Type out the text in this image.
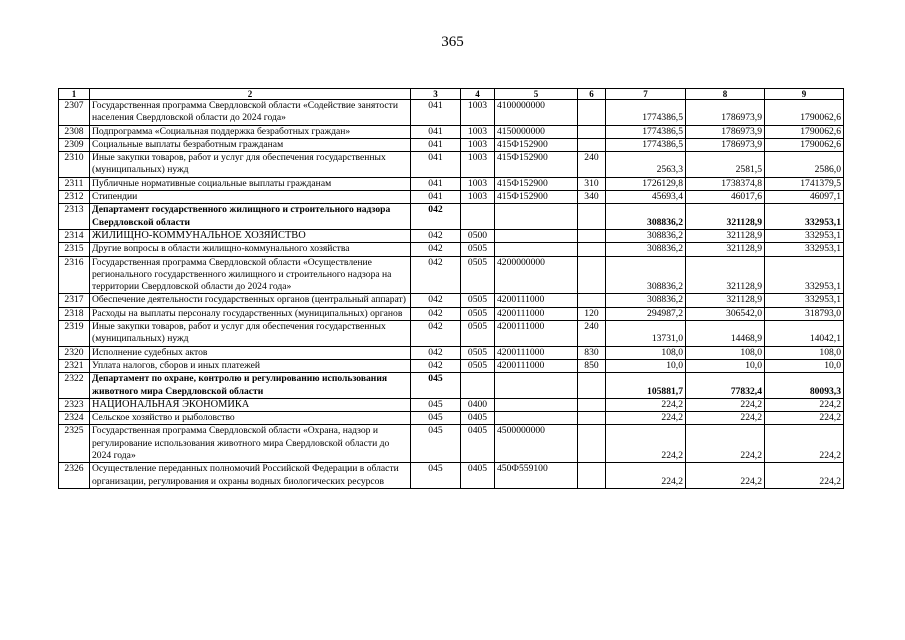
365
1	2	3	4	5	6	7	8	9
2307	Государственная программа Свердловской области «Содействие занятости населения Свердловской области до 2024 года»	041	1003	4100000000		1774386,5	1786973,9	1790062,6
2308	Подпрограмма «Социальная поддержка безработных граждан»	041	1003	4150000000		1774386,5	1786973,9	1790062,6
2309	Социальные выплаты безработным гражданам	041	1003	415Ф152900		1774386,5	1786973,9	1790062,6
2310	Иные закупки товаров, работ и услуг для обеспечения государственных (муниципальных) нужд	041	1003	415Ф152900	240	2563,3	2581,5	2586,0
2311	Публичные нормативные социальные выплаты гражданам	041	1003	415Ф152900	310	1726129,8	1738374,8	1741379,5
2312	Стипендии	041	1003	415Ф152900	340	45693,4	46017,6	46097,1
2313	Департамент государственного жилищного и строительного надзора Свердловской области	042				308836,2	321128,9	332953,1
2314	ЖИЛИЩНО-КОММУНАЛЬНОЕ ХОЗЯЙСТВО	042	0500			308836,2	321128,9	332953,1
2315	Другие вопросы в области жилищно-коммунального хозяйства	042	0505			308836,2	321128,9	332953,1
2316	Государственная программа Свердловской области «Осуществление регионального государственного жилищного и строительного надзора на территории Свердловской области до 2024 года»	042	0505	4200000000		308836,2	321128,9	332953,1
2317	Обеспечение деятельности государственных органов (центральный аппарат)	042	0505	4200111000		308836,2	321128,9	332953,1
2318	Расходы на выплаты персоналу государственных (муниципальных) органов	042	0505	4200111000	120	294987,2	306542,0	318793,0
2319	Иные закупки товаров, работ и услуг для обеспечения государственных (муниципальных) нужд	042	0505	4200111000	240	13731,0	14468,9	14042,1
2320	Исполнение судебных актов	042	0505	4200111000	830	108,0	108,0	108,0
2321	Уплата налогов, сборов и иных платежей	042	0505	4200111000	850	10,0	10,0	10,0
2322	Департамент по охране, контролю и регулированию использования животного мира Свердловской области	045				105881,7	77832,4	80093,3
2323	НАЦИОНАЛЬНАЯ ЭКОНОМИКА	045	0400			224,2	224,2	224,2
2324	Сельское хозяйство и рыболовство	045	0405			224,2	224,2	224,2
2325	Государственная программа Свердловской области «Охрана, надзор и регулирование использования животного мира Свердловской области до 2024 года»	045	0405	4500000000		224,2	224,2	224,2
2326	Осуществление переданных полномочий Российской Федерации в области организации, регулирования и охраны водных биологических ресурсов	045	0405	450Ф559100		224,2	224,2	224,2
